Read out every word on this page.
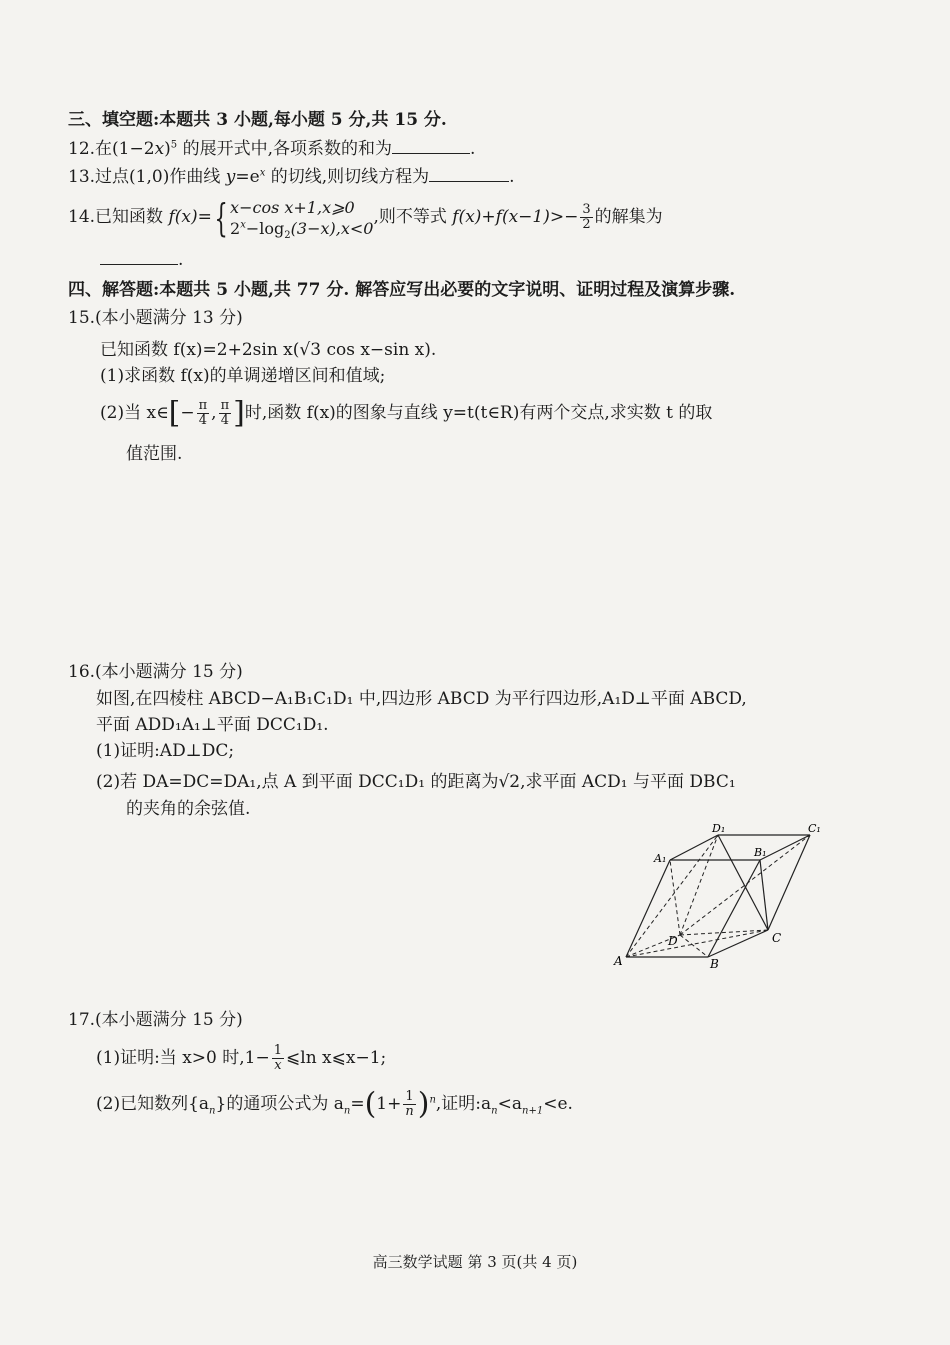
三、填空题:本题共 3 小题,每小题 5 分,共 15 分.
12.在$(1-2x)^5$ 的展开式中,各项系数的和为	.
13.过点(1,0)作曲线 $y=e^x$ 的切线,则切线方程为	.
14.已知函数 f(x)={ x−cos x+1,x⩾0
$2^x-\log_2(3-x),x<0$
,则不等式 $f(x)+f(x-1)>- \frac{3}{2}$ 的解集为
.
四、解答题:本题共 5 小题,共 77 分. 解答应写出必要的文字说明、证明过程及演算步骤.
15.(本小题满分 13 分)
已知函数 f(x)=2+2sin x(√3 cos x−sin x).
(1)求函数 f(x)的单调递增区间和值域;
(2)当 x∈[− $\frac{\pi}{4}$ , $\frac{\pi}{4}$ ]时,函数 f(x)的图象与直线 y=t(t∈R)有两个交点,求实数 t 的取
值范围.
16.(本小题满分 15 分)
如图,在四棱柱 ABCD−A₁B₁C₁D₁ 中,四边形 ABCD 为平行四边形,A₁D⊥平面 ABCD,
平面 ADD₁A₁⊥平面 DCC₁D₁.
(1)证明:AD⊥DC;
(2)若 DA=DC=DA₁,点 A 到平面 DCC₁D₁ 的距离为√2,求平面 ACD₁ 与平面 DBC₁
的夹角的余弦值.
A	B
C
D
A₁	B₁
C₁
D₁
17.(本小题满分 15 分)
(1)证明:当 x>0 时$,1- \frac{1}{x}$ ⩽ln x⩽x−1;
(2)已知数列$\{a_n\}$的通项公式为 $a_n=(1+ \frac{1}{n} )^n$,证明$:a_n<a_{n+1}<e$.
高三数学试题 第 3 页(共 4 页)
